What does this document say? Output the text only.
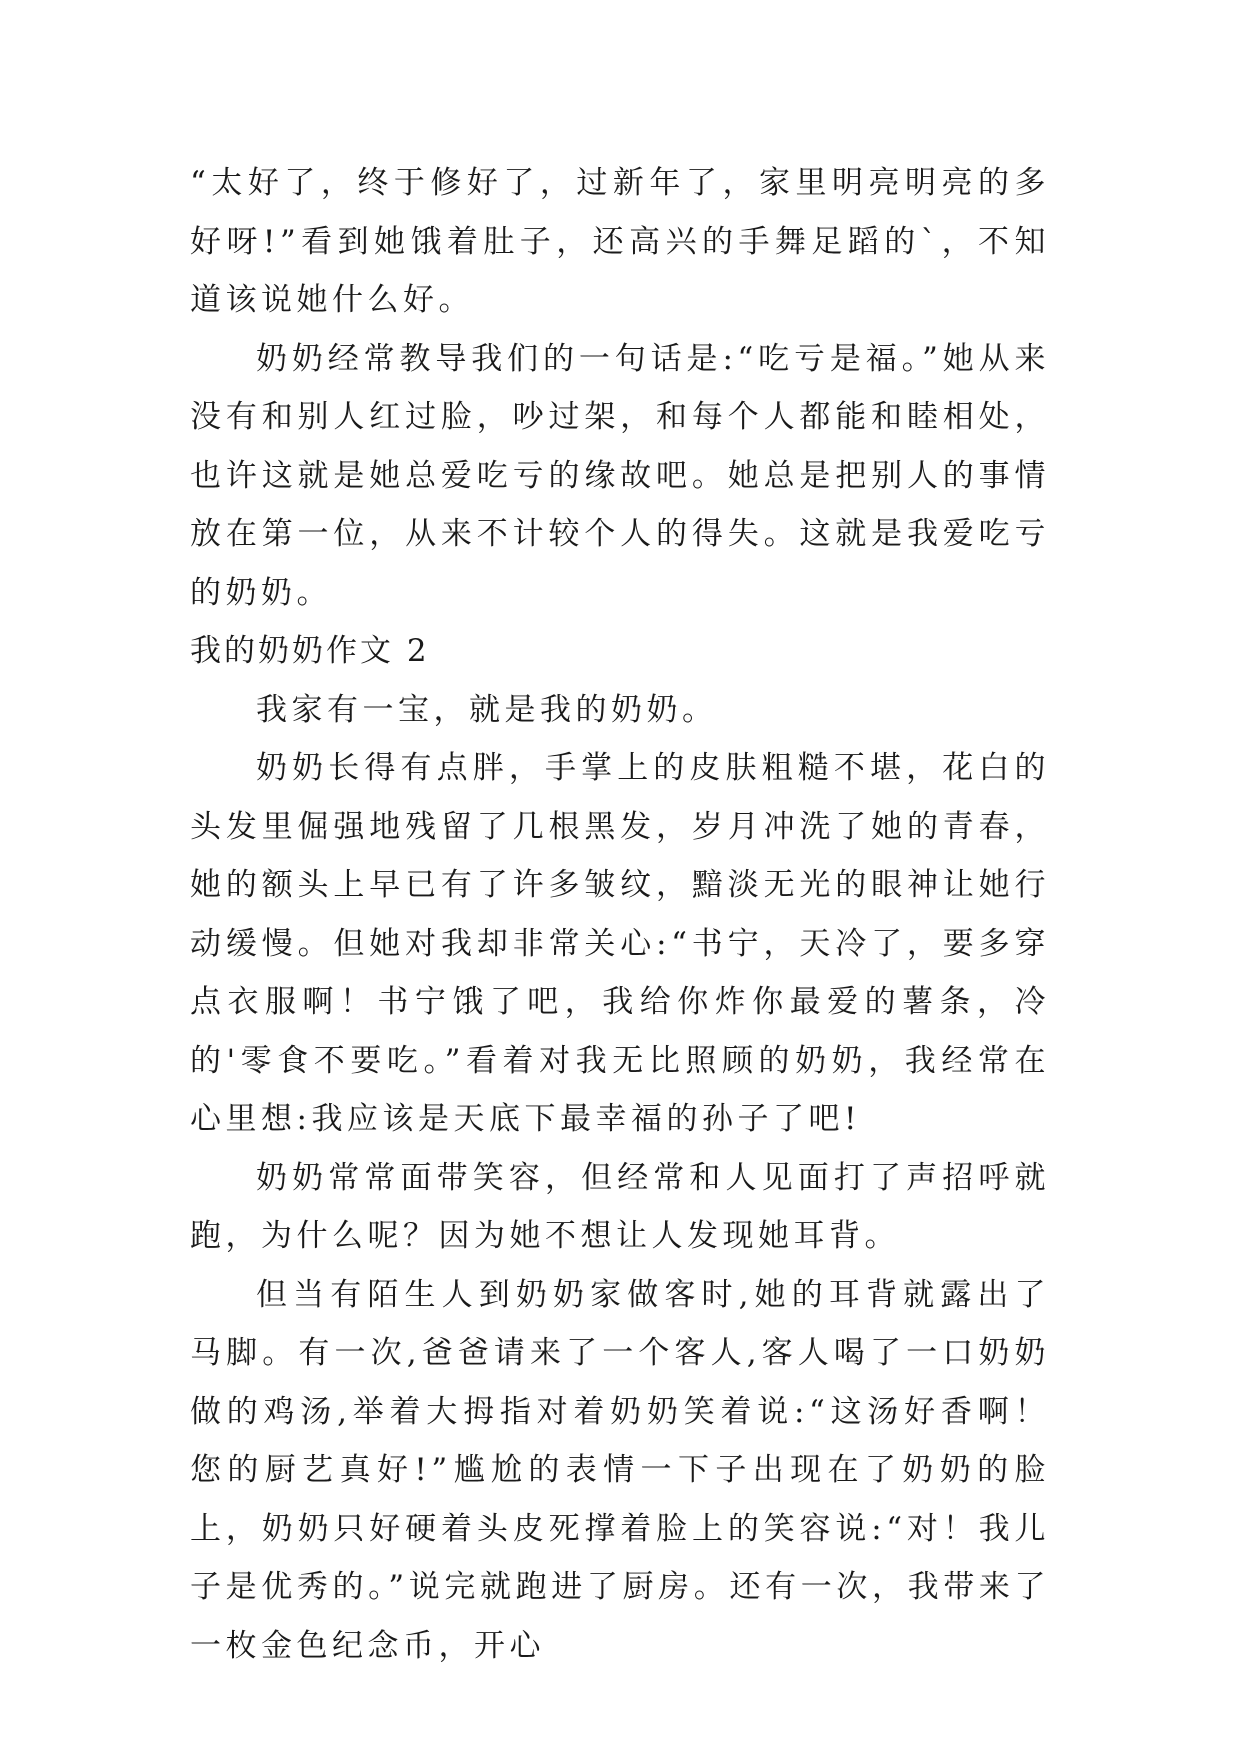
“太好了，终于修好了，过新年了，家里明亮明亮的多好呀!”看到她饿着肚子，还高兴的手舞足蹈的`，不知道该说她什么好。

奶奶经常教导我们的一句话是:“吃亏是福。”她从来没有和别人红过脸，吵过架，和每个人都能和睦相处，也许这就是她总爱吃亏的缘故吧。她总是把别人的事情放在第一位，从来不计较个人的得失。这就是我爱吃亏的奶奶。

我的奶奶作文 2

我家有一宝，就是我的奶奶。

奶奶长得有点胖，手掌上的皮肤粗糙不堪，花白的头发里倔强地残留了几根黑发，岁月冲洗了她的青春，她的额头上早已有了许多皱纹，黯淡无光的眼神让她行动缓慢。但她对我却非常关心:“书宁，天冷了，要多穿点衣服啊！书宁饿了吧，我给你炸你最爱的薯条，冷的'零食不要吃。”看着对我无比照顾的奶奶，我经常在心里想:我应该是天底下最幸福的孙子了吧!

奶奶常常面带笑容，但经常和人见面打了声招呼就跑，为什么呢？因为她不想让人发现她耳背。

但当有陌生人到奶奶家做客时,她的耳背就露出了马脚。有一次,爸爸请来了一个客人,客人喝了一口奶奶做的鸡汤,举着大拇指对着奶奶笑着说:“这汤好香啊！您的厨艺真好!”尴尬的表情一下子出现在了奶奶的脸上，奶奶只好硬着头皮死撑着脸上的笑容说:“对！我儿子是优秀的。”说完就跑进了厨房。还有一次，我带来了一枚金色纪念币，开心
